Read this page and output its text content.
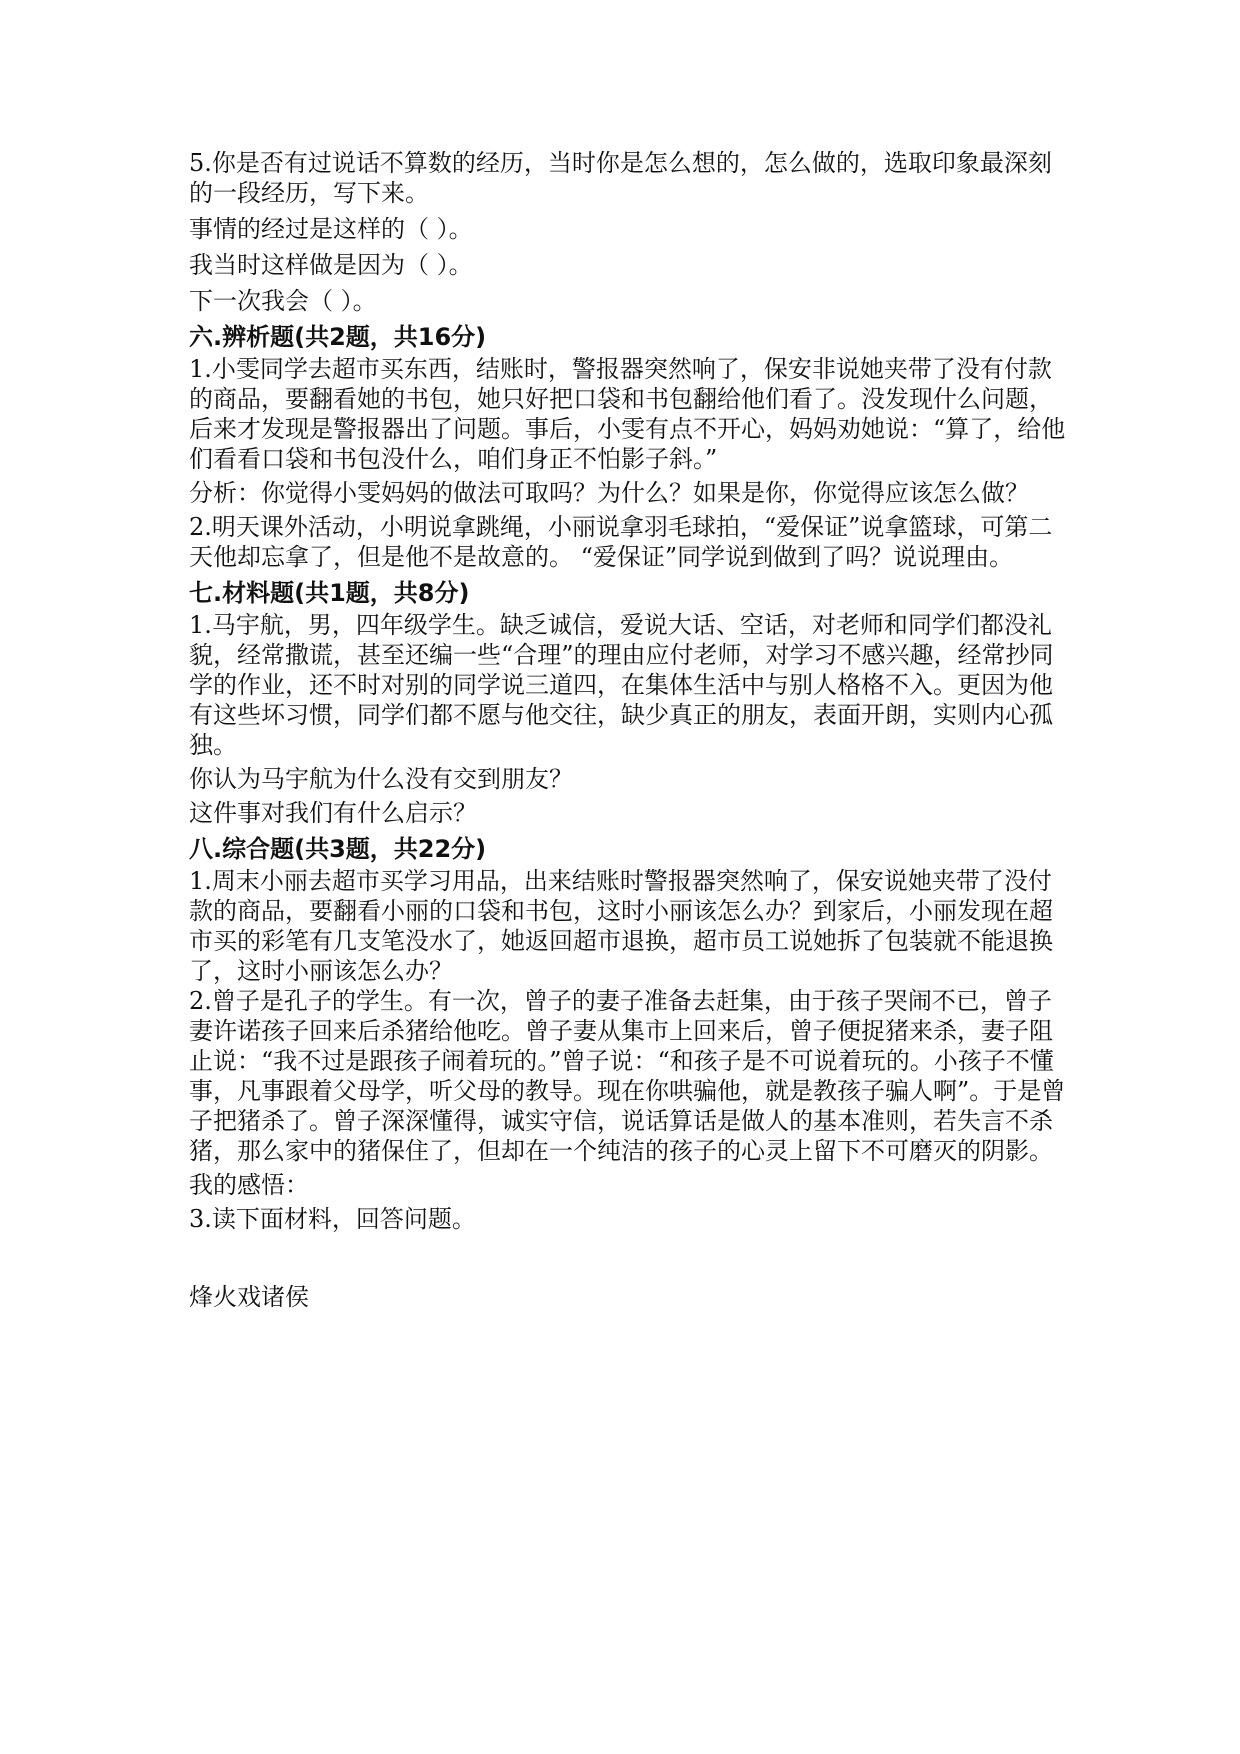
5.你是否有过说话不算数的经历，当时你是怎么想的，怎么做的，选取印象最深刻的一段经历，写下来。

事情的经过是这样的（ ）。

我当时这样做是因为（ ）。

下一次我会（ ）。

六.辨析题(共2题，共16分)

1.小雯同学去超市买东西，结账时，警报器突然响了，保安非说她夹带了没有付款的商品，要翻看她的书包，她只好把口袋和书包翻给他们看了。没发现什么问题，后来才发现是警报器出了问题。事后，小雯有点不开心，妈妈劝她说：“算了，给他们看看口袋和书包没什么，咱们身正不怕影子斜。”

分析：你觉得小雯妈妈的做法可取吗？为什么？如果是你，你觉得应该怎么做？

2.明天课外活动，小明说拿跳绳，小丽说拿羽毛球拍，“爱保证”说拿篮球，可第二天他却忘拿了，但是他不是故意的。 “爱保证”同学说到做到了吗？说说理由。

七.材料题(共1题，共8分)

1.马宇航，男，四年级学生。缺乏诚信，爱说大话、空话，对老师和同学们都没礼貌，经常撒谎，甚至还编一些“合理”的理由应付老师，对学习不感兴趣，经常抄同学的作业，还不时对别的同学说三道四，在集体生活中与别人格格不入。更因为他有这些坏习惯，同学们都不愿与他交往，缺少真正的朋友，表面开朗，实则内心孤独。

你认为马宇航为什么没有交到朋友？

这件事对我们有什么启示？

八.综合题(共3题，共22分)

1.周末小丽去超市买学习用品，出来结账时警报器突然响了，保安说她夹带了没付款的商品，要翻看小丽的口袋和书包，这时小丽该怎么办？到家后，小丽发现在超市买的彩笔有几支笔没水了，她返回超市退换，超市员工说她拆了包装就不能退换了，这时小丽该怎么办？

2.曾子是孔子的学生。有一次，曾子的妻子准备去赶集，由于孩子哭闹不已，曾子妻许诺孩子回来后杀猪给他吃。曾子妻从集市上回来后，曾子便捉猪来杀，妻子阻止说：“我不过是跟孩子闹着玩的。”曾子说：“和孩子是不可说着玩的。小孩子不懂事，凡事跟着父母学，听父母的教导。现在你哄骗他，就是教孩子骗人啊”。于是曾子把猪杀了。曾子深深懂得，诚实守信，说话算话是做人的基本准则，若失言不杀猪，那么家中的猪保住了，但却在一个纯洁的孩子的心灵上留下不可磨灭的阴影。

我的感悟：

3.读下面材料，回答问题。

烽火戏诸侯
